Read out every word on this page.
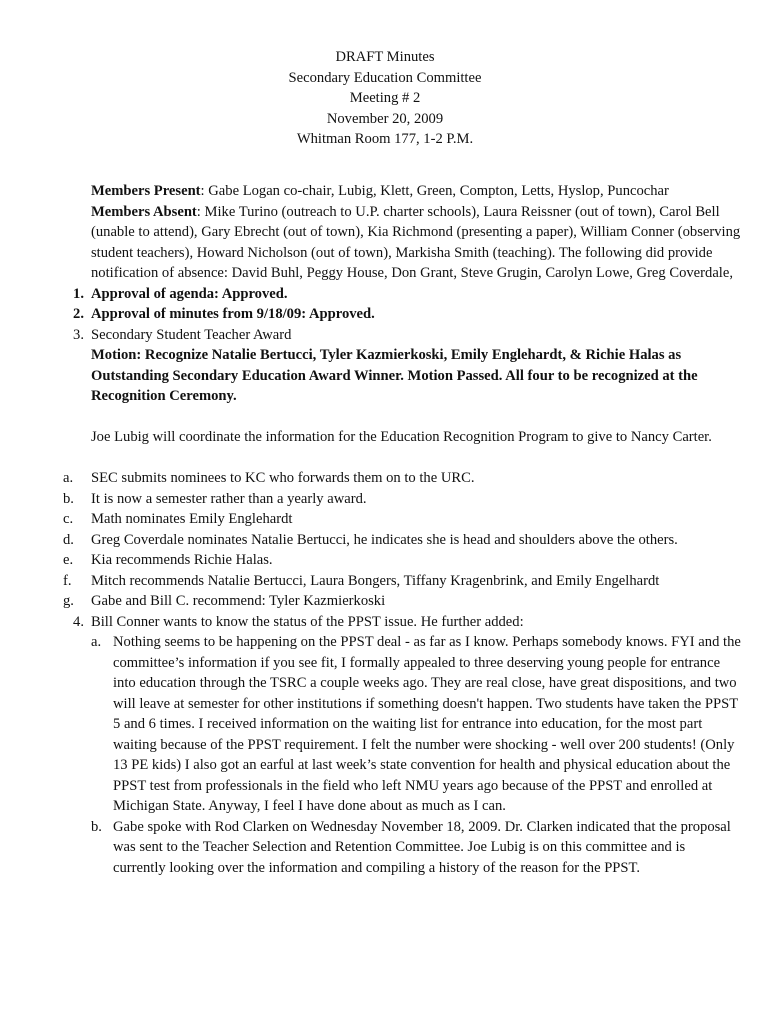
DRAFT Minutes
Secondary Education Committee
Meeting # 2
November 20, 2009
Whitman Room 177, 1-2 P.M.

Members Present: Gabe Logan co-chair, Lubig, Klett, Green, Compton, Letts, Hyslop, Puncochar

Members Absent: Mike Turino (outreach to U.P. charter schools), Laura Reissner (out of town), Carol Bell (unable to attend), Gary Ebrecht (out of town), Kia Richmond (presenting a paper), William Conner (observing student teachers), Howard Nicholson (out of town), Markisha Smith (teaching). The following did provide notification of absence: David Buhl, Peggy House, Don Grant, Steve Grugin, Carolyn Lowe, Greg Coverdale,

1. Approval of agenda: Approved.
2. Approval of minutes from 9/18/09: Approved.
3. Secondary Student Teacher Award

Motion: Recognize Natalie Bertucci, Tyler Kazmierkoski, Emily Englehardt, & Richie Halas as Outstanding Secondary Education Award Winner. Motion Passed. All four to be recognized at the Recognition Ceremony.

Joe Lubig will coordinate the information for the Education Recognition Program to give to Nancy Carter.

a.	SEC submits nominees to KC who forwards them on to the URC.
b.	It is now a semester rather than a yearly award.
c.	Math nominates Emily Englehardt
d.	Greg Coverdale nominates Natalie Bertucci, he indicates she is head and shoulders above the others.
e.	Kia recommends Richie Halas.
f.	Mitch recommends Natalie Bertucci, Laura Bongers, Tiffany Kragenbrink, and Emily Engelhardt
g.	Gabe and Bill C. recommend: Tyler Kazmierkoski
4. Bill Conner wants to know the status of the PPST issue. He further added:
a. Nothing seems to be happening on the PPST deal - as far as I know. Perhaps somebody knows. FYI and the committee’s information if you see fit, I formally appealed to three deserving young people for entrance into education through the TSRC a couple weeks ago. They are real close, have great dispositions, and two will leave at semester for other institutions if something doesn't happen. Two students have taken the PPST 5 and 6 times. I received information on the waiting list for entrance into education, for the most part waiting because of the PPST requirement. I felt the number were shocking - well over 200 students! (Only 13 PE kids) I also got an earful at last week’s state convention for health and physical education about the PPST test from professionals in the field who left NMU years ago because of the PPST and enrolled at Michigan State. Anyway, I feel I have done about as much as I can.
b. Gabe spoke with Rod Clarken on Wednesday November 18, 2009. Dr. Clarken indicated that the proposal was sent to the Teacher Selection and Retention Committee. Joe Lubig is on this committee and is currently looking over the information and compiling a history of the reason for the PPST.
